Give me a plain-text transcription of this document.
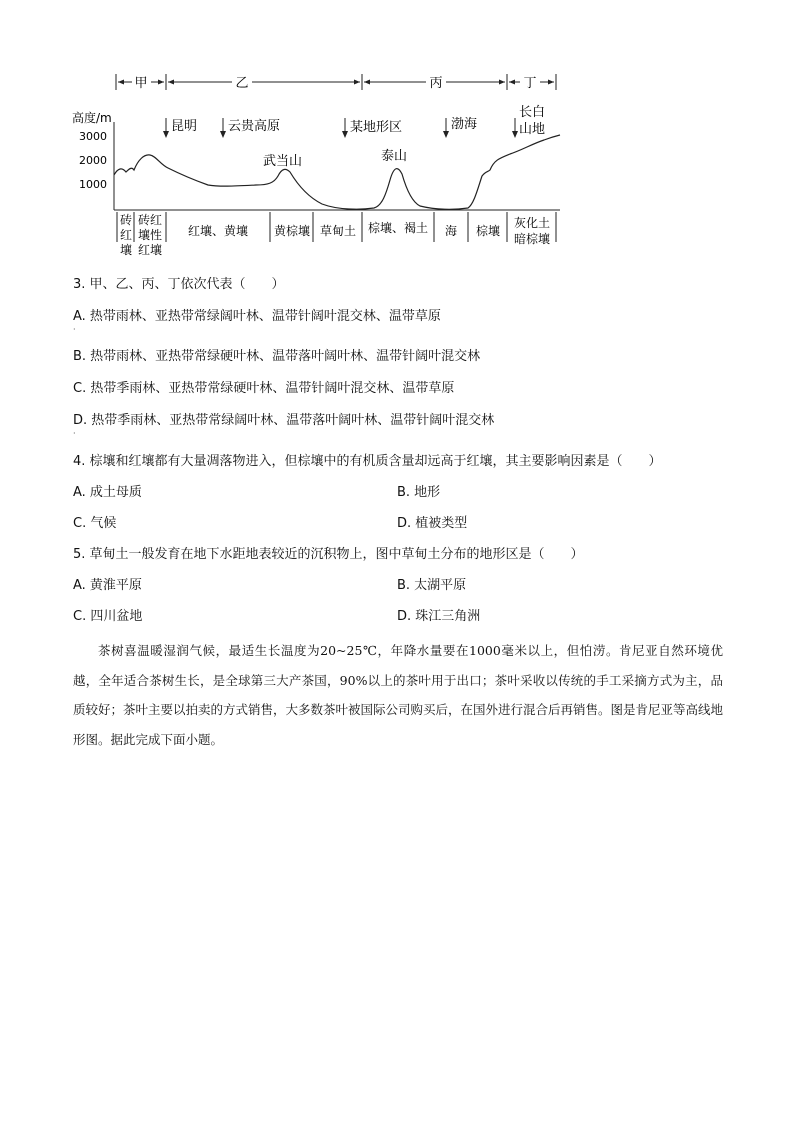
甲	乙	丙	丁
高度/m
3000
2000
1000
昆明 云贵高原	某地形区	渤海
长白
山地
武当山	泰山
砖
红
壤
砖红
壤性
红壤
红壤、黄壤 黄棕壤 草甸土 棕壤、褐土 海 棕壤
灰化土
暗棕壤
3. 甲、乙、丙、丁依次代表（　　）
A. 热带雨林、亚热带常绿阔叶林、温带针阔叶混交林、温带草原
·
B. 热带雨林、亚热带常绿硬叶林、温带落叶阔叶林、温带针阔叶混交林
C. 热带季雨林、亚热带常绿硬叶林、温带针阔叶混交林、温带草原
D. 热带季雨林、亚热带常绿阔叶林、温带落叶阔叶林、温带针阔叶混交林
·
4. 棕壤和红壤都有大量凋落物进入，但棕壤中的有机质含量却远高于红壤，其主要影响因素是（　　）
A. 成土母质	B. 地形
C. 气候	D. 植被类型
5. 草甸土一般发育在地下水距地表较近的沉积物上，图中草甸土分布的地形区是（　　）
A. 黄淮平原	B. 太湖平原
C. 四川盆地	D. 珠江三角洲
茶树喜温暖湿润气候，最适生长温度为20~25℃，年降水量要在1000毫米以上，但怕涝。肯尼亚自然环境优越，全年适合茶树生长，是全球第三大产茶国，90%以上的茶叶用于出口；茶叶采收以传统的手工采摘方式为主，品质较好；茶叶主要以拍卖的方式销售，大多数茶叶被国际公司购买后，在国外进行混合后再销售。图是肯尼亚等高线地形图。据此完成下面小题。
